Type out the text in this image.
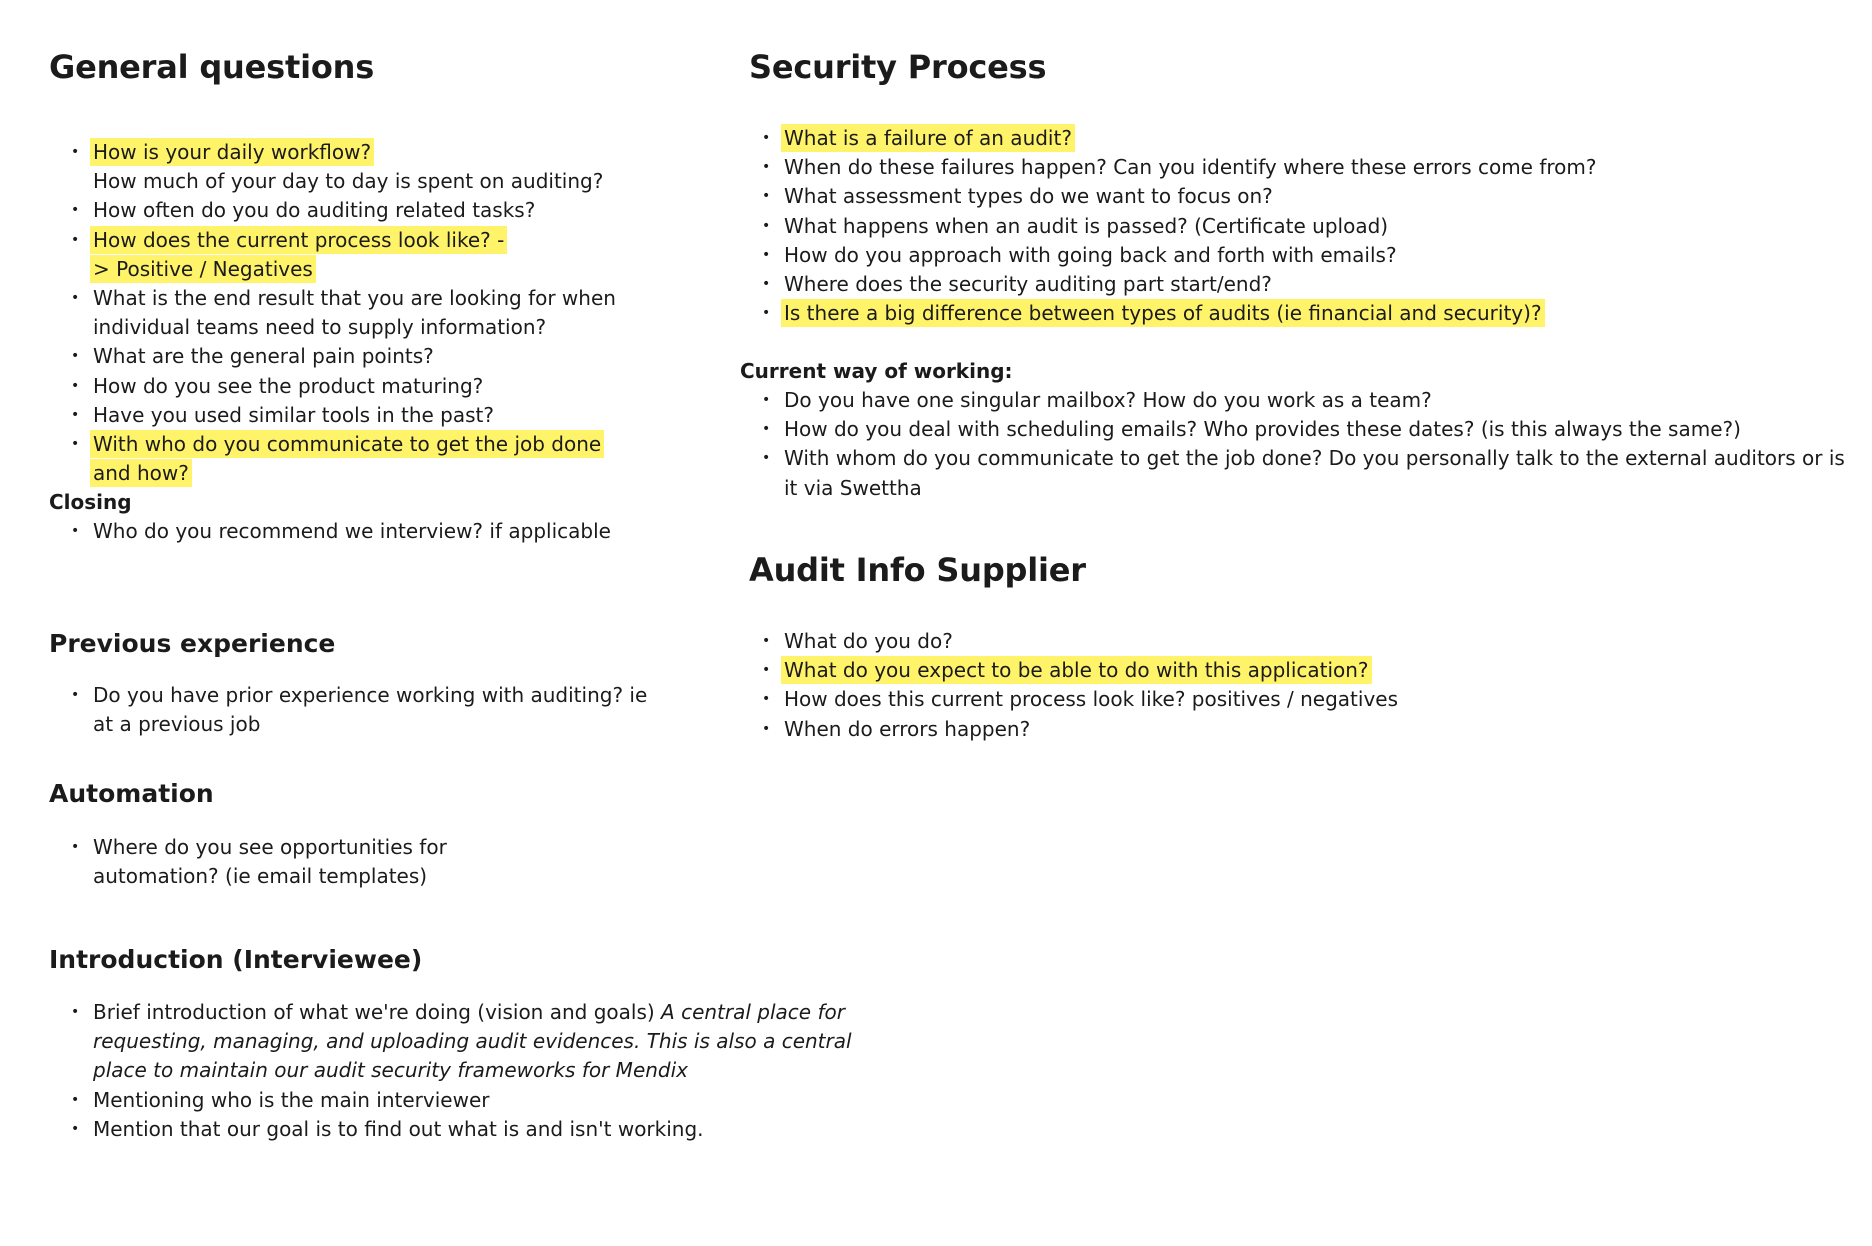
General questions
• How is your daily workflow?
How much of your day to day is spent on auditing?
• How often do you do auditing related tasks?
• How does the current process look like? -> Positive / Negatives
• What is the end result that you are looking for when individual teams need to supply information?
• What are the general pain points?
• How do you see the product maturing?
• Have you used similar tools in the past?
• With who do you communicate to get the job done and how?

Closing

• Who do you recommend we interview? if applicable
Previous experience
• Do you have prior experience working with auditing? ie at a previous job
Automation
• Where do you see opportunities for automation? (ie email templates)
Introduction (Interviewee)
• Brief introduction of what we're doing (vision and goals) A central place for requesting, managing, and uploading audit evidences. This is also a central place to maintain our audit security frameworks for Mendix
• Mentioning who is the main interviewer
• Mention that our goal is to find out what is and isn't working.
Security Process
• What is a failure of an audit?
• When do these failures happen? Can you identify where these errors come from?
• What assessment types do we want to focus on?
• What happens when an audit is passed? (Certificate upload)
• How do you approach with going back and forth with emails?
• Where does the security auditing part start/end?
• Is there a big difference between types of audits (ie financial and security)?

Current way of working:

• Do you have one singular mailbox? How do you work as a team?
• How do you deal with scheduling emails? Who provides these dates? (is this always the same?)
• With whom do you communicate to get the job done? Do you personally talk to the external auditors or is it via Swettha
Audit Info Supplier
• What do you do?
• What do you expect to be able to do with this application?
• How does this current process look like? positives / negatives
• When do errors happen?
